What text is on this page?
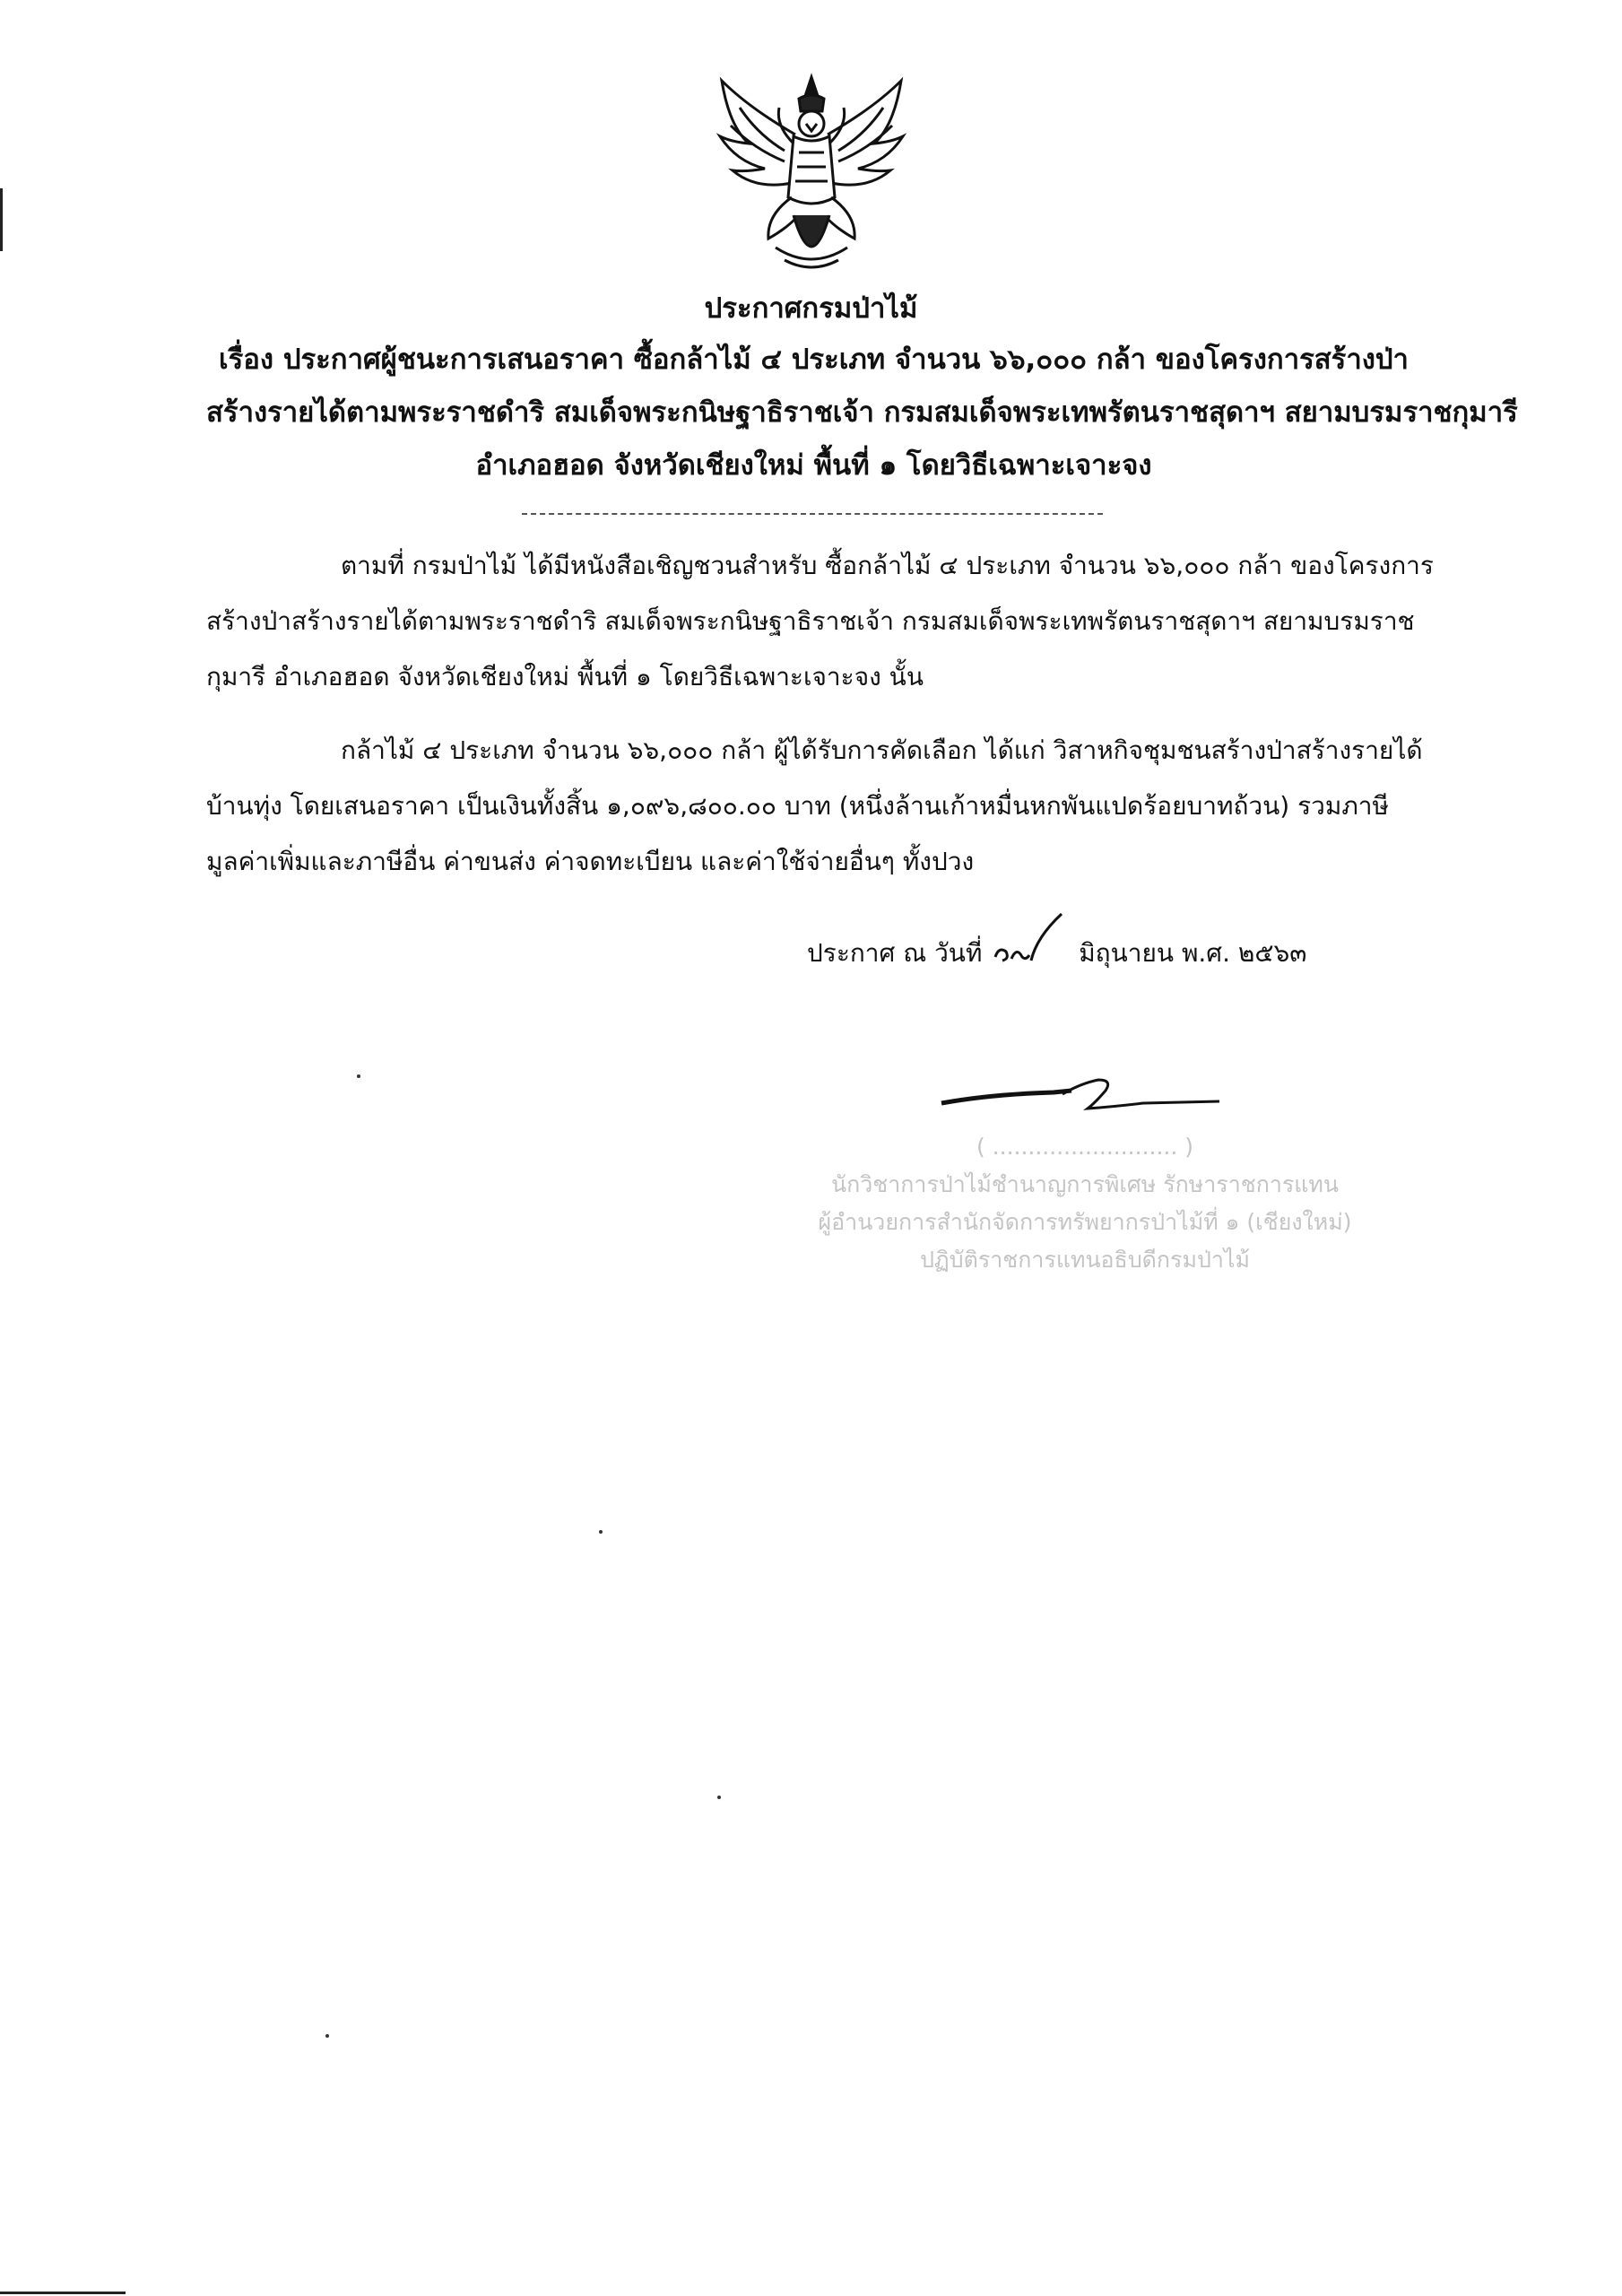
ประกาศกรมป่าไม้
เรื่อง ประกาศผู้ชนะการเสนอราคา ซื้อกล้าไม้ ๔ ประเภท จำนวน ๖๖,๐๐๐ กล้า ของโครงการสร้างป่า
สร้างรายได้ตามพระราชดำริ สมเด็จพระกนิษฐาธิราชเจ้า กรมสมเด็จพระเทพรัตนราชสุดาฯ สยามบรมราชกุมารี
อำเภอฮอด จังหวัดเชียงใหม่ พื้นที่ ๑ โดยวิธีเฉพาะเจาะจง
ตามที่ กรมป่าไม้ ได้มีหนังสือเชิญชวนสำหรับ ซื้อกล้าไม้ ๔ ประเภท จำนวน ๖๖,๐๐๐ กล้า ของโครงการ
สร้างป่าสร้างรายได้ตามพระราชดำริ สมเด็จพระกนิษฐาธิราชเจ้า กรมสมเด็จพระเทพรัตนราชสุดาฯ สยามบรมราช
กุมารี อำเภอฮอด จังหวัดเชียงใหม่ พื้นที่ ๑ โดยวิธีเฉพาะเจาะจง นั้น
กล้าไม้ ๔ ประเภท จำนวน ๖๖,๐๐๐ กล้า ผู้ได้รับการคัดเลือก ได้แก่ วิสาหกิจชุมชนสร้างป่าสร้างรายได้
บ้านทุ่ง โดยเสนอราคา เป็นเงินทั้งสิ้น ๑,๐๙๖,๘๐๐.๐๐ บาท (หนึ่งล้านเก้าหมื่นหกพันแปดร้อยบาทถ้วน) รวมภาษี
มูลค่าเพิ่มและภาษีอื่น ค่าขนส่ง ค่าจดทะเบียน และค่าใช้จ่ายอื่นๆ ทั้งปวง
ประกาศ ณ วันที่	มิถุนายน พ.ศ. ๒๕๖๓
( .......................... )
นักวิชาการป่าไม้ชำนาญการพิเศษ รักษาราชการแทน
ผู้อำนวยการสำนักจัดการทรัพยากรป่าไม้ที่ ๑ (เชียงใหม่)
ปฏิบัติราชการแทนอธิบดีกรมป่าไม้
